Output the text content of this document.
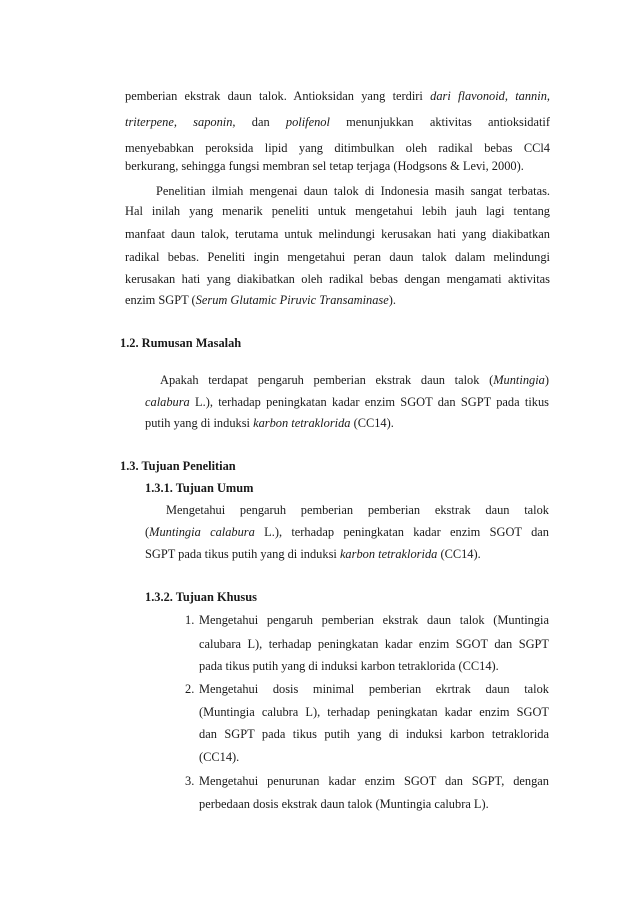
pemberian ekstrak daun talok. Antioksidan yang terdiri dari flavonoid, tannin,
triterpene, saponin, dan polifenol menunjukkan aktivitas antioksidatif
menyebabkan peroksida lipid yang ditimbulkan oleh radikal bebas CCl4
berkurang, sehingga fungsi membran sel tetap terjaga (Hodgsons & Levi, 2000).
Penelitian ilmiah mengenai daun talok di Indonesia masih sangat terbatas.
Hal inilah yang menarik peneliti untuk mengetahui lebih jauh lagi tentang
manfaat daun talok, terutama untuk melindungi kerusakan hati yang diakibatkan
radikal bebas. Peneliti ingin mengetahui peran daun talok dalam melindungi
kerusakan hati yang diakibatkan oleh radikal bebas dengan mengamati aktivitas
enzim SGPT (Serum Glutamic Piruvic Transaminase).
1.2. Rumusan Masalah
Apakah terdapat pengaruh pemberian ekstrak daun talok (Muntingia)
calabura L.), terhadap peningkatan kadar enzim SGOT dan SGPT pada tikus
putih yang di induksi karbon tetraklorida (CC14).
1.3. Tujuan Penelitian
1.3.1. Tujuan Umum
Mengetahui pengaruh pemberian pemberian ekstrak daun talok
(Muntingia calabura L.), terhadap peningkatan kadar enzim SGOT dan
SGPT pada tikus putih yang di induksi karbon tetraklorida (CC14).
1.3.2. Tujuan Khusus
1. Mengetahui pengaruh pemberian ekstrak daun talok (Muntingia
calubara L), terhadap peningkatan kadar enzim SGOT dan SGPT
pada tikus putih yang di induksi karbon tetraklorida (CC14).
2. Mengetahui dosis minimal pemberian ekrtrak daun talok
(Muntingia calubra L), terhadap peningkatan kadar enzim SGOT
dan SGPT pada tikus putih yang di induksi karbon tetraklorida
(CC14).
3. Mengetahui penurunan kadar enzim SGOT dan SGPT, dengan
perbedaan dosis ekstrak daun talok (Muntingia calubra L).
